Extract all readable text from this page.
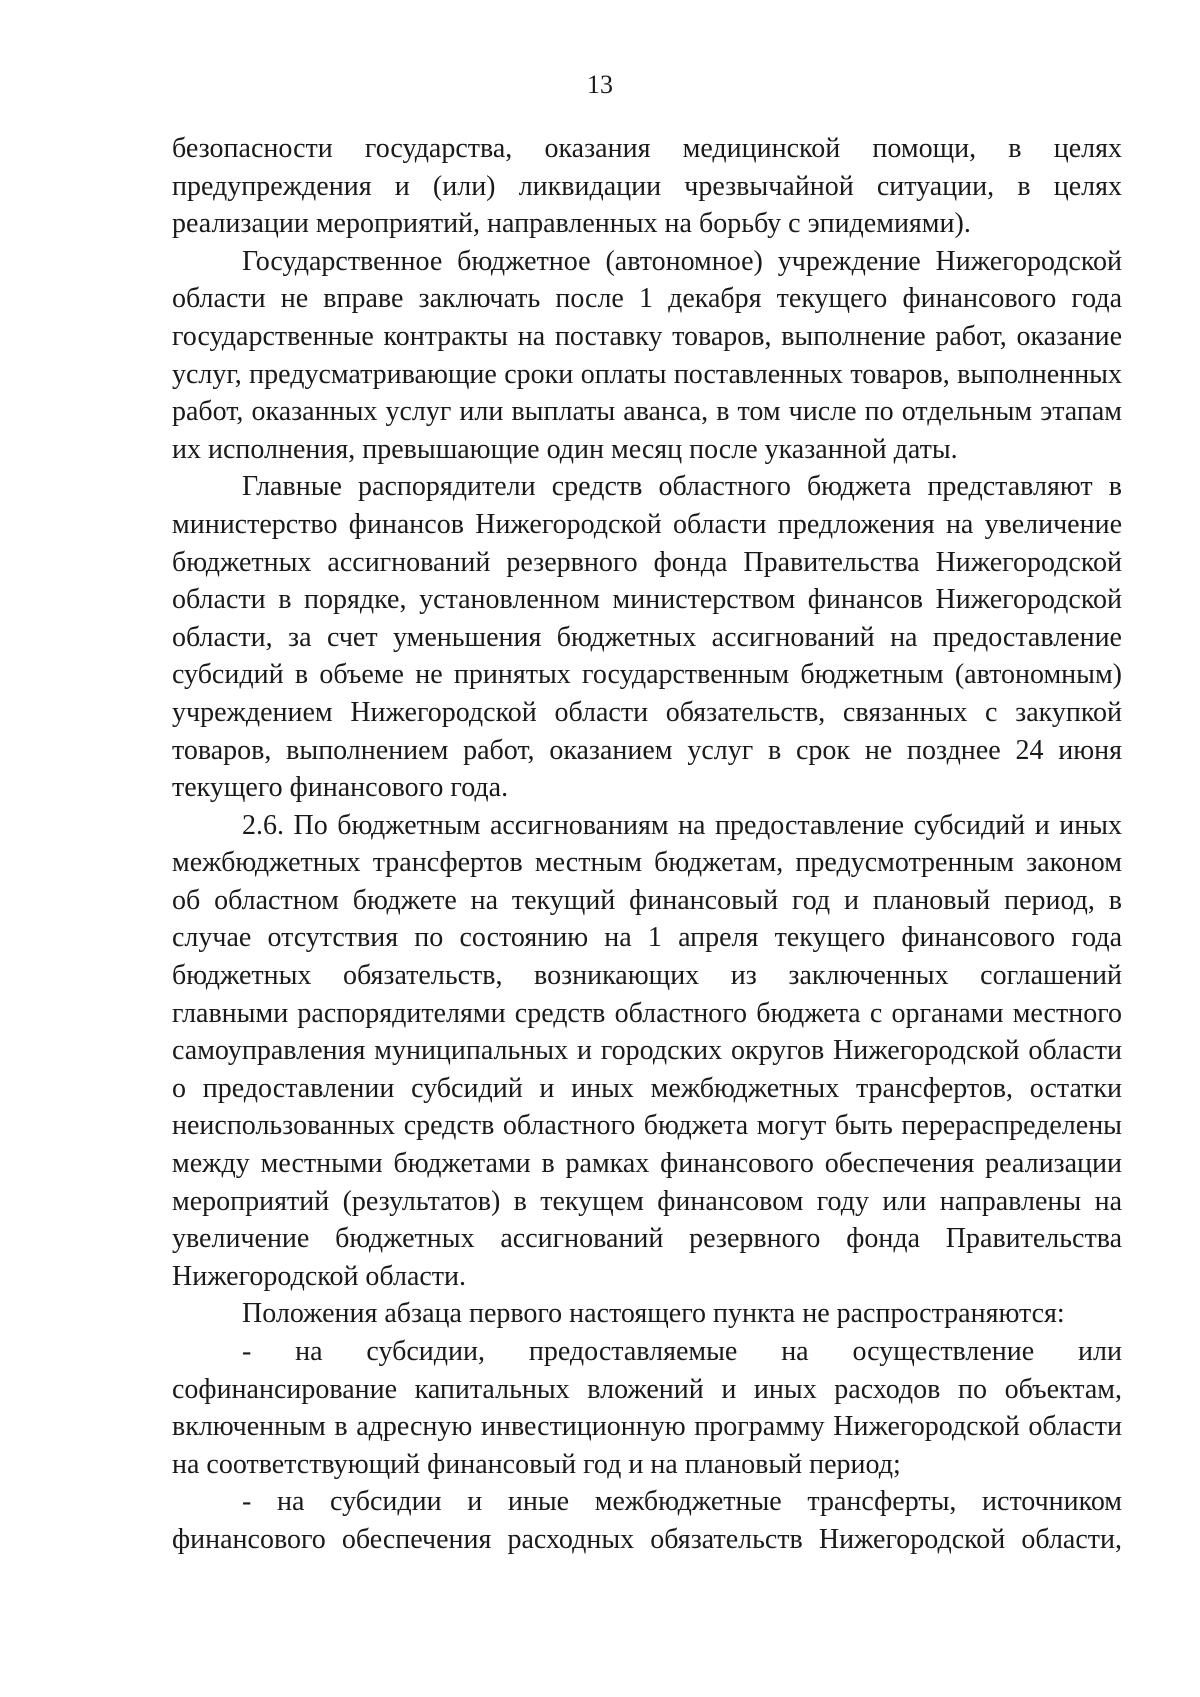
13

безопасности государства, оказания медицинской помощи, в целях предупреждения и (или) ликвидации чрезвычайной ситуации, в целях реализации мероприятий, направленных на борьбу с эпидемиями).

Государственное бюджетное (автономное) учреждение Нижегородской области не вправе заключать после 1 декабря текущего финансового года государственные контракты на поставку товаров, выполнение работ, оказание услуг, предусматривающие сроки оплаты поставленных товаров, выполненных работ, оказанных услуг или выплаты аванса, в том числе по отдельным этапам их исполнения, превышающие один месяц после указанной даты.

Главные распорядители средств областного бюджета представляют в министерство финансов Нижегородской области предложения на увеличение бюджетных ассигнований резервного фонда Правительства Нижегородской области в порядке, установленном министерством финансов Нижегородской области, за счет уменьшения бюджетных ассигнований на предоставление субсидий в объеме не принятых государственным бюджетным (автономным) учреждением Нижегородской области обязательств, связанных с закупкой товаров, выполнением работ, оказанием услуг в срок не позднее 24 июня текущего финансового года.

2.6. По бюджетным ассигнованиям на предоставление субсидий и иных межбюджетных трансфертов местным бюджетам, предусмотренным законом об областном бюджете на текущий финансовый год и плановый период, в случае отсутствия по состоянию на 1 апреля текущего финансового года бюджетных обязательств, возникающих из заключенных соглашений главными распорядителями средств областного бюджета с органами местного самоуправления муниципальных и городских округов Нижегородской области о предоставлении субсидий и иных межбюджетных трансфертов, остатки неиспользованных средств областного бюджета могут быть перераспределены между местными бюджетами в рамках финансового обеспечения реализации мероприятий (результатов) в текущем финансовом году или направлены на увеличение бюджетных ассигнований резервного фонда Правительства Нижегородской области.

Положения абзаца первого настоящего пункта не распространяются:

- на субсидии, предоставляемые на осуществление или софинансирование капитальных вложений и иных расходов по объектам, включенным в адресную инвестиционную программу Нижегородской области на соответствующий финансовый год и на плановый период;

- на субсидии и иные межбюджетные трансферты, источником финансового обеспечения расходных обязательств Нижегородской области,
